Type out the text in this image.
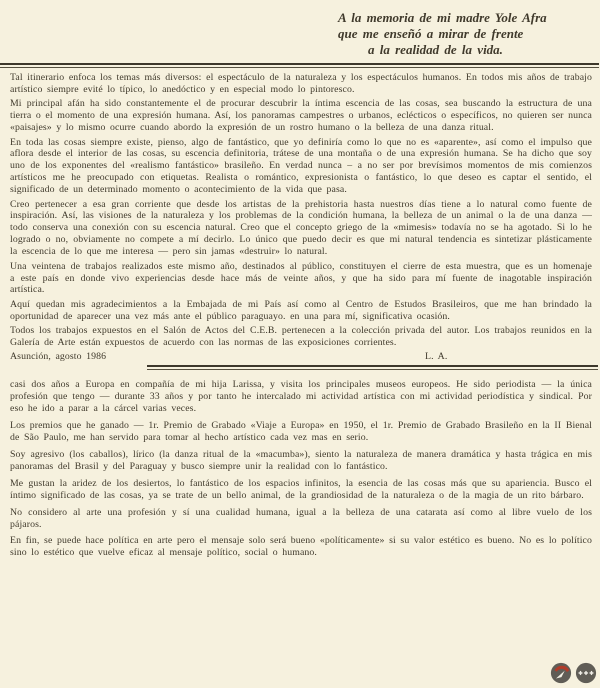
A la memoria de mi madre Yole Afra
que me enseñó a mirar de frente
a la realidad de la vida.

Tal itinerario enfoca los temas más diversos: el espectáculo de la naturaleza y los espectáculos humanos. En todos mis años de trabajo artístico siempre evité lo típico, lo anedóctico y en especial modo lo pintoresco.

Mi principal afán ha sido constantemente el de procurar descubrir la íntima escencia de las cosas, sea buscando la estructura de una tierra o el momento de una expresión humana. Así, los panoramas campestres o urbanos, eclécticos o específicos, no quieren ser nunca «paisajes» y lo mismo ocurre cuando abordo la expresión de un rostro humano o la belleza de una danza ritual.

En toda las cosas siempre existe, pienso, algo de fantástico, que yo definiría como lo que no es «aparente», así como el impulso que aflora desde el interior de las cosas, su escencia definitoria, trátese de una montaña o de una expresión humana. Se ha dicho que soy uno de los exponentes del «realismo fantástico» brasileño. En verdad nunca – a no ser por brevísimos momentos de mis comienzos artísticos me he preocupado con etiquetas. Realista o romántico, expresionista o fantástico, lo que deseo es captar el sentido, el significado de un determinado momento o acontecimiento de la vida que pasa.

Creo pertenecer a esa gran corriente que desde los artistas de la prehistoria hasta nuestros días tiene a lo natural como fuente de inspiración. Así, las visiones de la naturaleza y los problemas de la condición humana, la belleza de un animal o la de una danza — todo conserva una conexión con su escencia natural. Creo que el concepto griego de la «mimesis» todavía no se ha agotado. Si lo he logrado o no, obviamente no compete a mí decirlo. Lo único que puedo decir es que mi natural tendencia es sintetizar plásticamente la escencia de lo que me interesa — pero sin jamas «destruir» lo natural.

Una veintena de trabajos realizados este mismo año, destinados al público, constituyen el cierre de esta muestra, que es un homenaje a este país en donde vivo experiencias desde hace más de veinte años, y que ha sido para mí fuente de inagotable inspiración artística.

Aquí quedan mis agradecimientos a la Embajada de mi País así como al Centro de Estudos Brasileiros, que me han brindado la oportunidad de aparecer una vez más ante el público paraguayo. en una para mí, significativa ocasión.

Todos los trabajos expuestos en el Salón de Actos del C.E.B. pertenecen a la colección privada del autor. Los trabajos reunidos en la Galería de Arte están expuestos de acuerdo con las normas de las exposiciones corrientes.

Asunción, agosto 1986	L. A.

casi dos años a Europa en compañía de mi hija Larissa, y visita los principales museos europeos. He sido periodista — la única profesión que tengo — durante 33 años y por tanto he intercalado mi actividad artística con mi actividad periodística y sindical. Por eso he ido a parar a la cárcel varias veces.

Los premios que he ganado — 1r. Premio de Grabado «Viaje a Europa» en 1950, el 1r. Premio de Grabado Brasileño en la II Bienal de São Paulo, me han servido para tomar al hecho artístico cada vez mas en serio.

Soy agresivo (los caballos), lírico (la danza ritual de la «macumba»), siento la naturaleza de manera dramática y hasta trágica en mis panoramas del Brasil y del Paraguay y busco siempre unir la realidad con lo fantástico.

Me gustan la aridez de los desiertos, lo fantástico de los espacios infinitos, la esencia de las cosas más que su apariencia. Busco el íntimo significado de las cosas, ya se trate de un bello animal, de la grandiosidad de la naturaleza o de la magia de un rito bárbaro.

No considero al arte una profesión y sí una cualidad humana, igual a la belleza de una catarata así como al libre vuelo de los pájaros.

En fin, se puede hace política en arte pero el mensaje solo será bueno «políticamente» si su valor estético es bueno. No es lo político sino lo estético que vuelve eficaz al mensaje político, social o humano.
